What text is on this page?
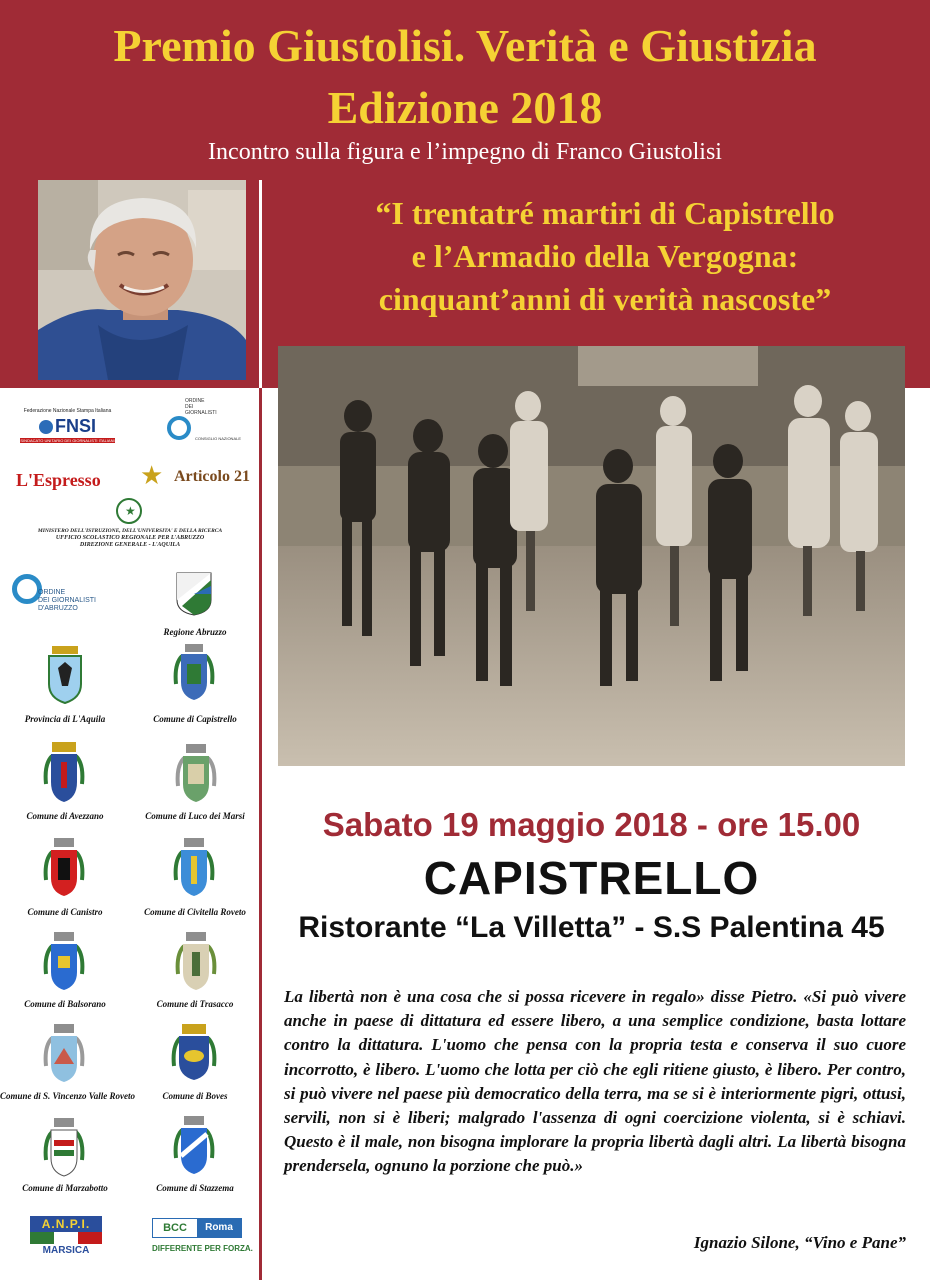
Premio Giustolisi. Verità e Giustizia
Edizione 2018
Incontro sulla figura e l’impegno di Franco Giustolisi
“I trentatré martiri di Capistrello
e l’Armadio della Vergogna:
cinquant’anni di verità nascoste”
Sabato 19 maggio 2018 - ore 15.00
CAPISTRELLO
Ristorante “La Villetta” - S.S Palentina 45
La libertà non è una cosa che si possa ricevere in regalo» disse Pietro. «Si può vivere anche in paese di dittatura ed essere libero, a una semplice condizione, basta lottare contro la dittatura. L'uomo che pensa con la propria testa e conserva il suo cuore incorrotto, è libero. L'uomo che lotta per ciò che egli ritiene giusto, è libero. Per contro, si può vivere nel paese più democratico della terra, ma se si è interiormente pigri, ottusi, servili, non si è liberi; malgrado l'assenza di ogni coercizione violenta, si è schiavi. Questo è il male, non bisogna implorare la propria libertà dagli altri. La libertà bisogna prendersela, ognuno la porzione che può.»
Ignazio Silone, “Vino e Pane”
Federazione Nazionale Stampa Italiana
FNSI
SINDACATO UNITARIO DEI GIORNALISTI ITALIANI
ORDINE
DEI
GIORNALISTI
CONSIGLIO NAZIONALE
L'Espresso ★ Articolo 21
★
MINISTERO DELL'ISTRUZIONE, DELL'UNIVERSITA' E DELLA RICERCA
UFFICIO SCOLASTICO REGIONALE PER L'ABRUZZO
DIREZIONE GENERALE - L'AQUILA
ORDINE
DEI GIORNALISTI
D'ABRUZZO
Regione Abruzzo
Provincia di L'Aquila	Comune di Capistrello
Comune di Avezzano	Comune di Luco dei Marsi
Comune di Canistro	Comune di Civitella Roveto
Comune di Balsorano	Comune di Trasacco
Comune di S. Vincenzo Valle Roveto	Comune di Boves
Comune di Marzabotto	Comune di Stazzema
A.N.P.I.
MARSICA
BCC	Roma
DIFFERENTE PER FORZA.
